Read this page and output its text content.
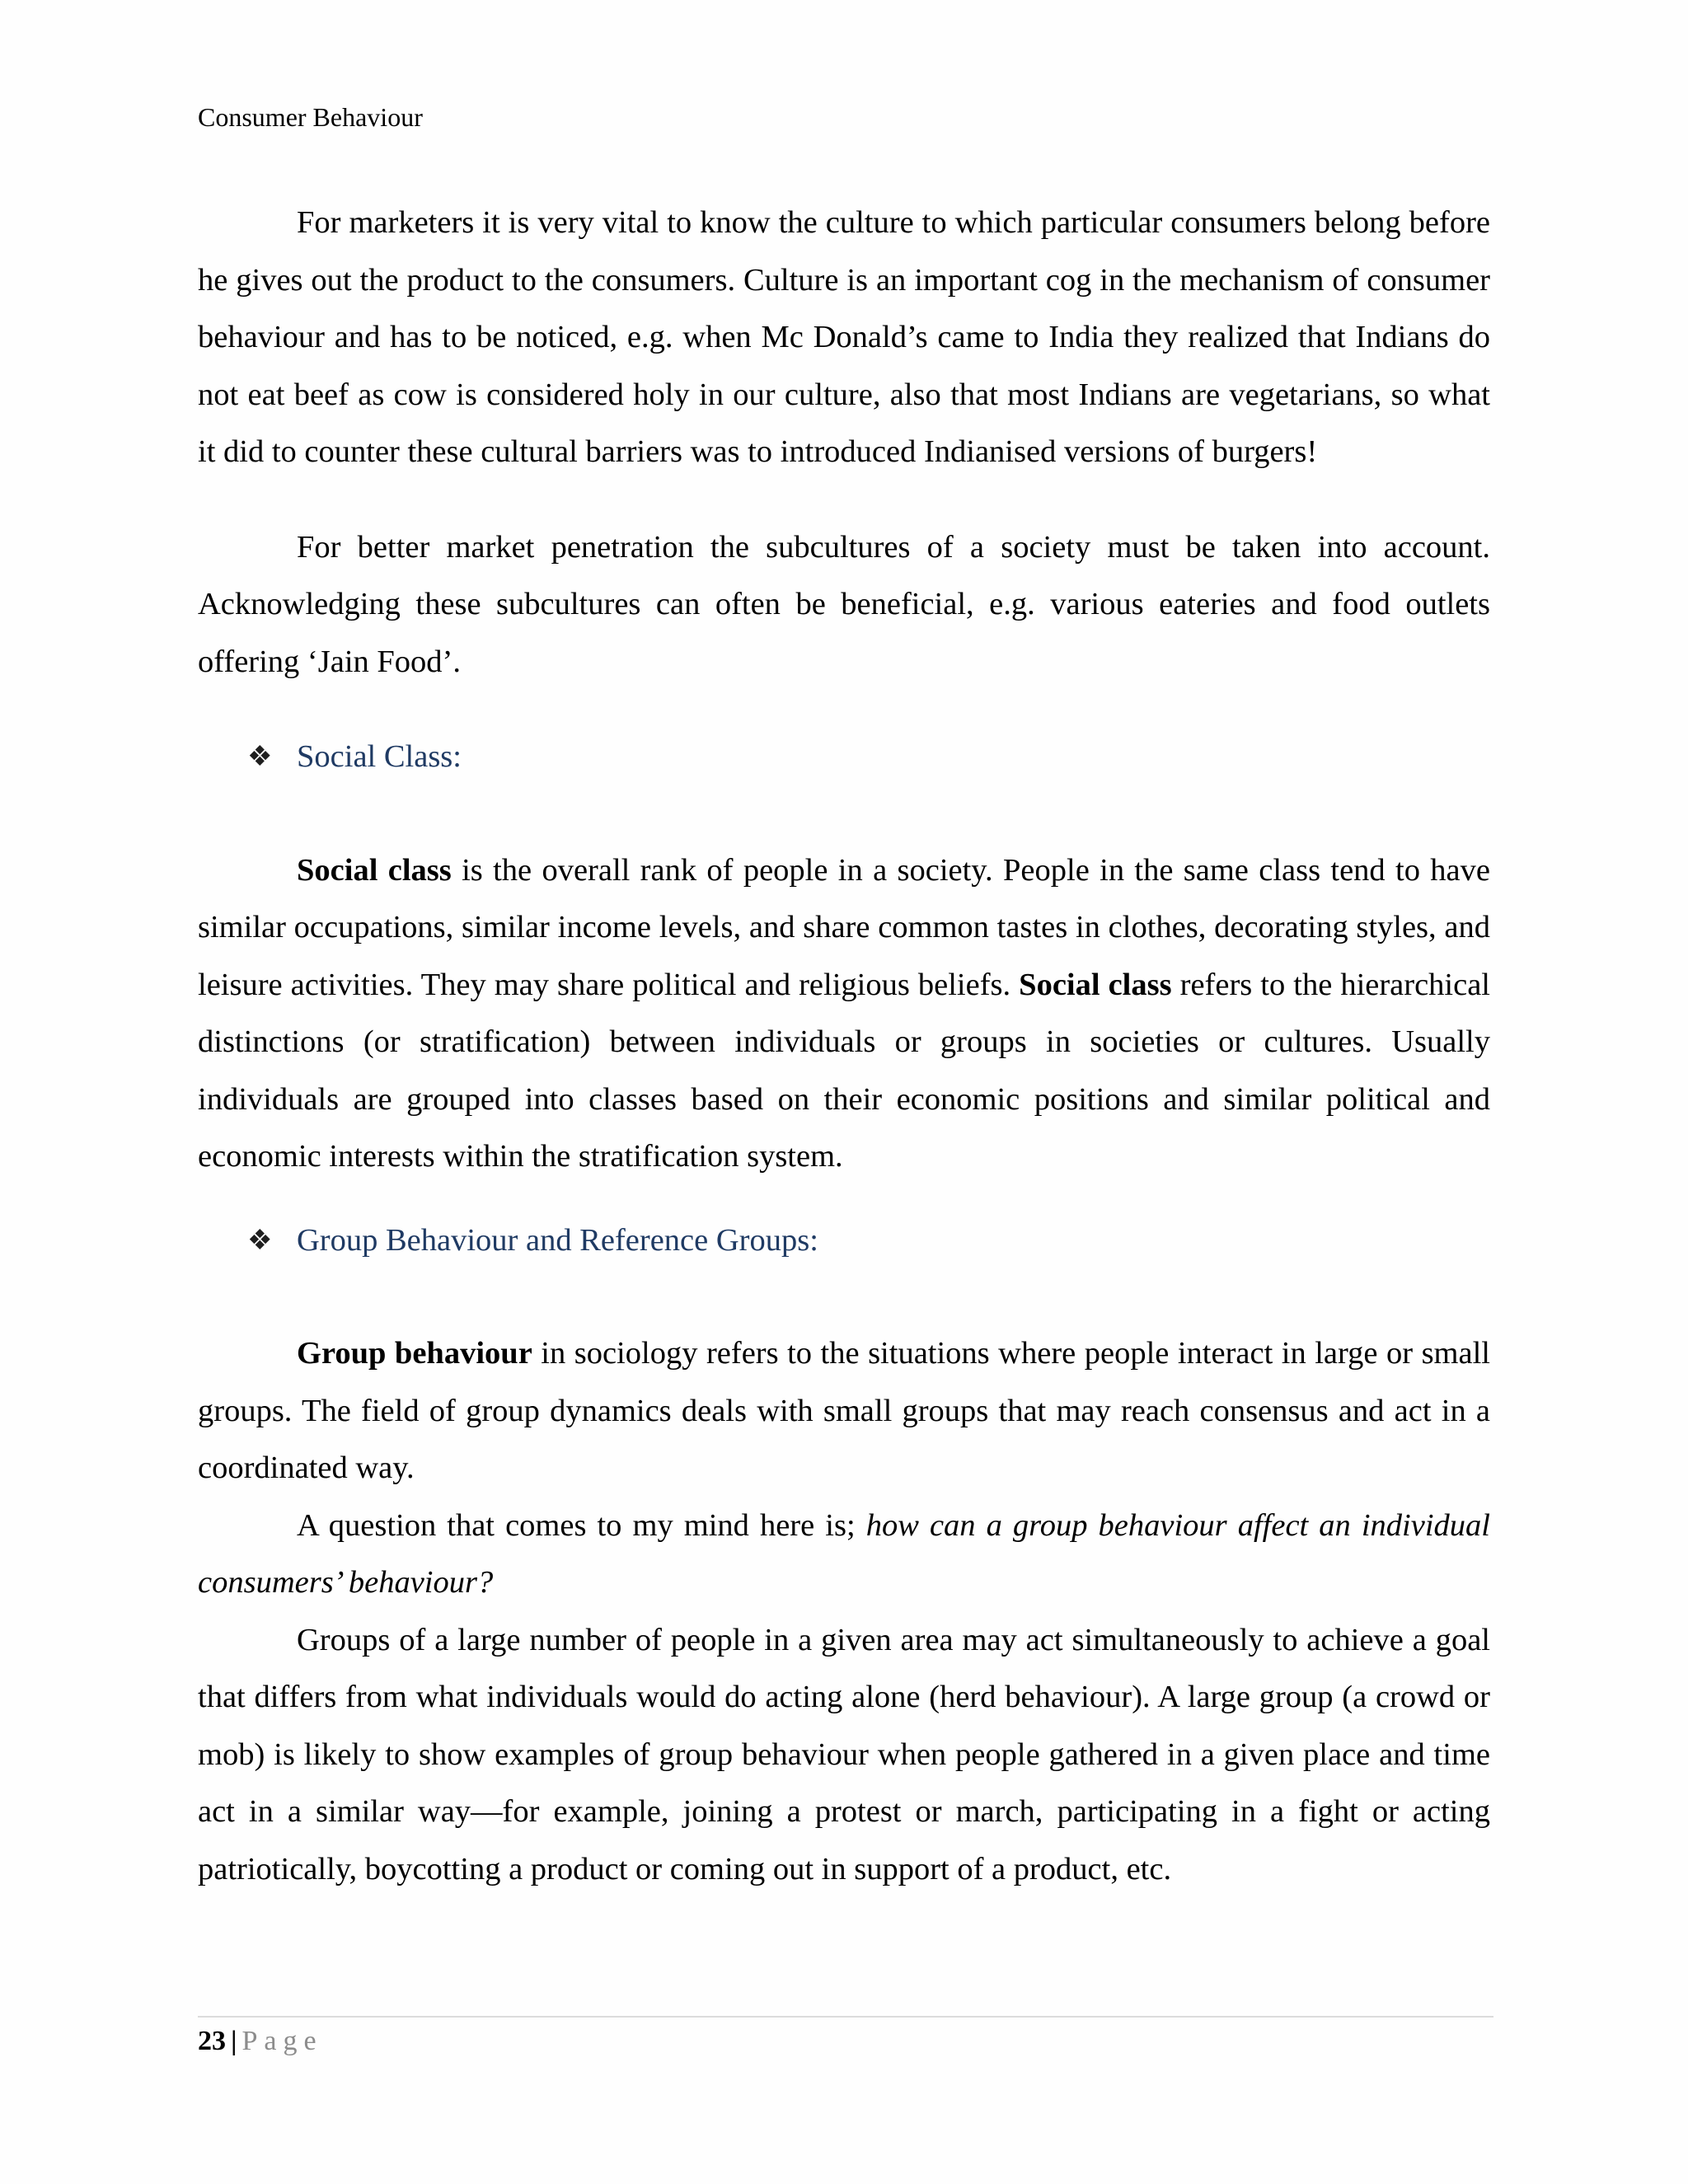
Consumer Behaviour

For marketers it is very vital to know the culture to which particular consumers belong before he gives out the product to the consumers. Culture is an important cog in the mechanism of consumer behaviour and has to be noticed, e.g. when Mc Donald’s came to India they realized that Indians do not eat beef as cow is considered holy in our culture, also that most Indians are vegetarians, so what it did to counter these cultural barriers was to introduced Indianised versions of burgers!

For better market penetration the subcultures of a society must be taken into account. Acknowledging these subcultures can often be beneficial, e.g. various eateries and food outlets offering ‘Jain Food’.

❖ Social Class:

Social class is the overall rank of people in a society. People in the same class tend to have similar occupations, similar income levels, and share common tastes in clothes, decorating styles, and leisure activities. They may share political and religious beliefs. Social class refers to the hierarchical distinctions (or stratification) between individuals or groups in societies or cultures. Usually individuals are grouped into classes based on their economic positions and similar political and economic interests within the stratification system.

❖ Group Behaviour and Reference Groups:

Group behaviour in sociology refers to the situations where people interact in large or small groups. The field of group dynamics deals with small groups that may reach consensus and act in a coordinated way.

A question that comes to my mind here is; how can a group behaviour affect an individual consumers’ behaviour?

Groups of a large number of people in a given area may act simultaneously to achieve a goal that differs from what individuals would do acting alone (herd behaviour). A large group (a crowd or mob) is likely to show examples of group behaviour when people gathered in a given place and time act in a similar way—for example, joining a protest or march, participating in a fight or acting patriotically, boycotting a product or coming out in support of a product, etc.

23 | Page
